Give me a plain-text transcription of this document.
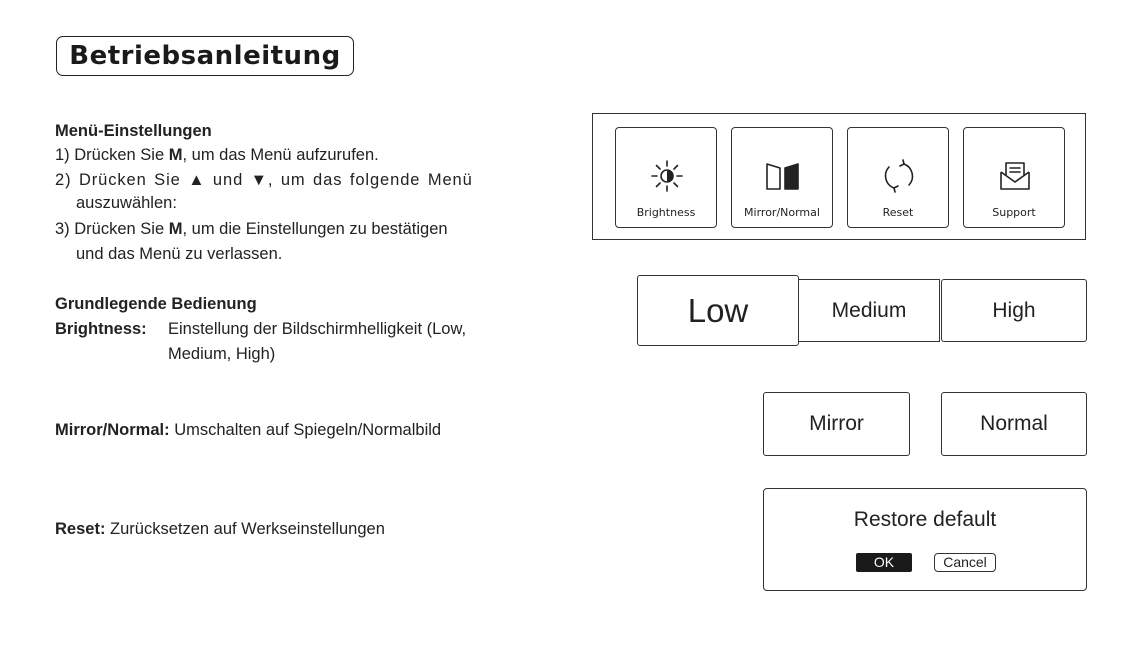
Betriebsanleitung
Menü-Einstellungen
1) Drücken Sie M, um das Menü aufzurufen.
2) Drücken Sie ▲ und ▼, um das folgende Menü
auszuwählen:
3) Drücken Sie M, um die Einstellungen zu bestätigen
und das Menü zu verlassen.
Grundlegende Bedienung
Brightness: Einstellung der Bildschirmhelligkeit (Low,
Medium, High)
Mirror/Normal: Umschalten auf Spiegeln/Normalbild
Reset: Zurücksetzen auf Werkseinstellungen
Brightness	Mirror/Normal	Reset	Support
Medium	High
Low
Mirror	Normal
Restore default
OK	Cancel
